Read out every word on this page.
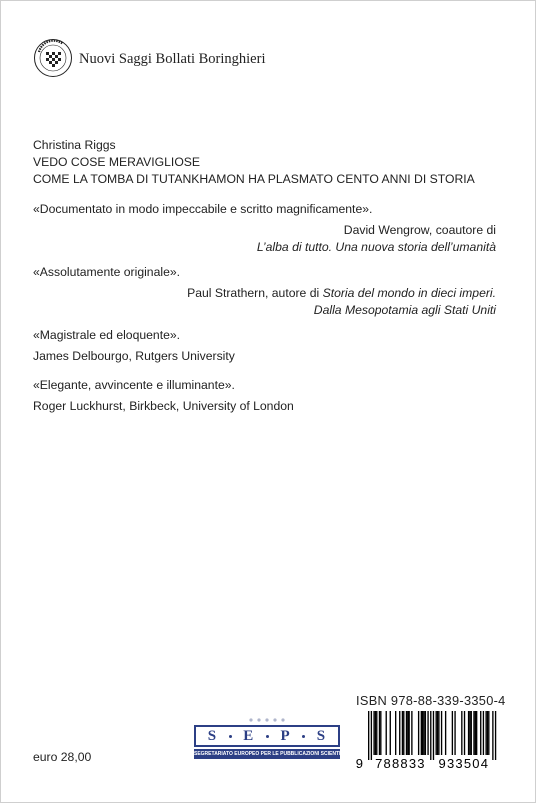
Nuovi Saggi Bollati Boringhieri
Christina Riggs
VEDO COSE MERAVIGLIOSE
COME LA TOMBA DI TUTANKHAMON HA PLASMATO CENTO ANNI DI STORIA
«Documentato in modo impeccabile e scritto magnificamente».
David Wengrow, coautore di
L’alba di tutto. Una nuova storia dell’umanità
«Assolutamente originale».
Paul Strathern, autore di Storia del mondo in dieci imperi.
Dalla Mesopotamia agli Stati Uniti
«Magistrale ed eloquente».
James Delbourgo, Rutgers University
«Elegante, avvincente e illuminante».
Roger Luckhurst, Birkbeck, University of London
euro 28,00
S E P S
SEGRETARIATO EUROPEO PER LE PUBBLICAZIONI SCIENTIFICHE
ISBN 978-88-339-3350-4
9 788833 933504
